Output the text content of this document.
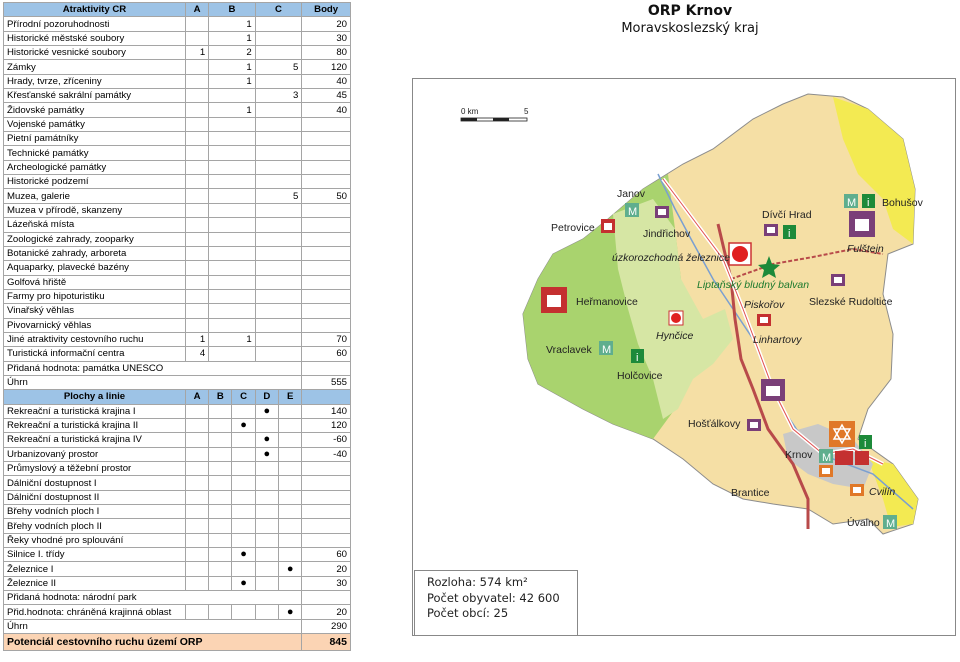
Atraktivity CR	A	B		C		Body
Přírodní pozoruhodnosti		1				20
Historické městské soubory		1				30
Historické vesnické soubory	1	2				80
Zámky		1		5		120
Hrady, tvrze, zříceniny		1				40
Křesťanské sakrální památky				3		45
Židovské památky		1				40
Vojenské památky						
Pietní památníky						
Technické památky						
Archeologické památky						
Historické podzemí						
Muzea, galerie				5		50
Muzea v přírodě, skanzeny						
Lázeňská místa						
Zoologické zahrady, zooparky						
Botanické zahrady, arboreta						
Aquaparky, plavecké bazény						
Golfová hřiště						
Farmy pro hipoturistiku						
Vinařský věhlas						
Pivovarnický věhlas						
Jiné atraktivity cestovního ruchu	1	1				70
Turistická informační centra	4					60
Přidaná hodnota: památka UNESCO						
Úhrn						555
Plochy a linie	A	B	C	D	E	
Rekreační a turistická krajina I				●		140
Rekreační a turistická krajina II			●			120
Rekreační a turistická krajina IV				●		-60
Urbanizovaný prostor				●		-40
Průmyslový a těžební prostor						
Dálniční dostupnost I						
Dálniční dostupnost II						
Břehy vodních ploch I						
Břehy vodních ploch II						
Řeky vhodné pro splouvání						
Silnice I. třídy			●			60
Železnice I					●	20
Železnice II			●			30
Přidaná hodnota: národní park						
Přid.hodnota: chráněná krajinná oblast					●	20
Úhrn						290
Potenciál cestovního ruchu území ORP						845
ORP Krnov
Moravskoslezský kraj
0 km	5
M
M
M
M
M
i
i
i
i
Janov
Jindřichov
Petrovice
Dívčí Hrad
Bohušov
Fulštejn
úzkorozchodná železnice
Liptaňský bludný balvan
Heřmanovice	Piskořov Slezské Rudoltice
Hynčice
Vraclavek
Holčovice
Linhartovy
Hošťálkovy
Krnov
Brantice	Cvilín
Úvalno
Rozloha: 574 km²
Počet obyvatel: 42 600
Počet obcí: 25
